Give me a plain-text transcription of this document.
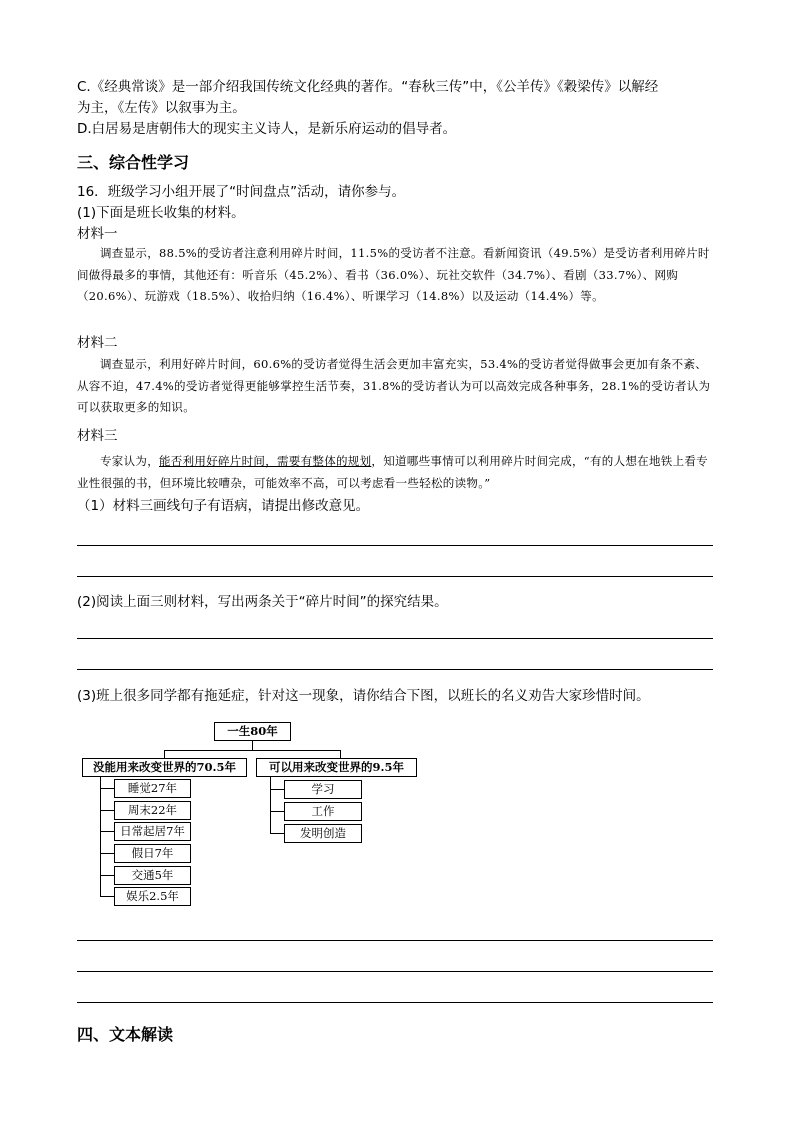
C.《经典常谈》是一部介绍我国传统文化经典的著作。“春秋三传”中，《公羊传》《穀梁传》以解经
为主，《左传》以叙事为主。
D.白居易是唐朝伟大的现实主义诗人，是新乐府运动的倡导者。
三、综合性学习
16．班级学习小组开展了“时间盘点”活动，请你参与。
(1)下面是班长收集的材料。
材料一
调查显示，88.5%的受访者注意利用碎片时间，11.5%的受访者不注意。看新闻资讯（49.5%）是受访者利用碎片时间做得最多的事情，其他还有：听音乐（45.2%）、看书（36.0%）、玩社交软件（34.7%）、看剧（33.7%）、网购（20.6%）、玩游戏（18.5%）、收拾归纳（16.4%）、听课学习（14.8%）以及运动（14.4%）等。
材料二
调查显示，利用好碎片时间，60.6%的受访者觉得生活会更加丰富充实，53.4%的受访者觉得做事会更加有条不紊、从容不迫，47.4%的受访者觉得更能够掌控生活节奏，31.8%的受访者认为可以高效完成各种事务，28.1%的受访者认为可以获取更多的知识。
材料三
专家认为，能否利用好碎片时间，需要有整体的规划，知道哪些事情可以利用碎片时间完成，“有的人想在地铁上看专业性很强的书，但环境比较嘈杂，可能效率不高，可以考虑看一些轻松的读物。”
（1）材料三画线句子有语病，请提出修改意见。
(2)阅读上面三则材料，写出两条关于“碎片时间”的探究结果。
(3)班上很多同学都有拖延症，针对这一现象，请你结合下图，以班长的名义劝告大家珍惜时间。
一生80年
没能用来改变世界的70.5年	可以用来改变世界的9.5年
睡觉27年
周末22年
日常起居7年
假日7年
交通5年
娱乐2.5年
学习
工作
发明创造
四、文本解读
